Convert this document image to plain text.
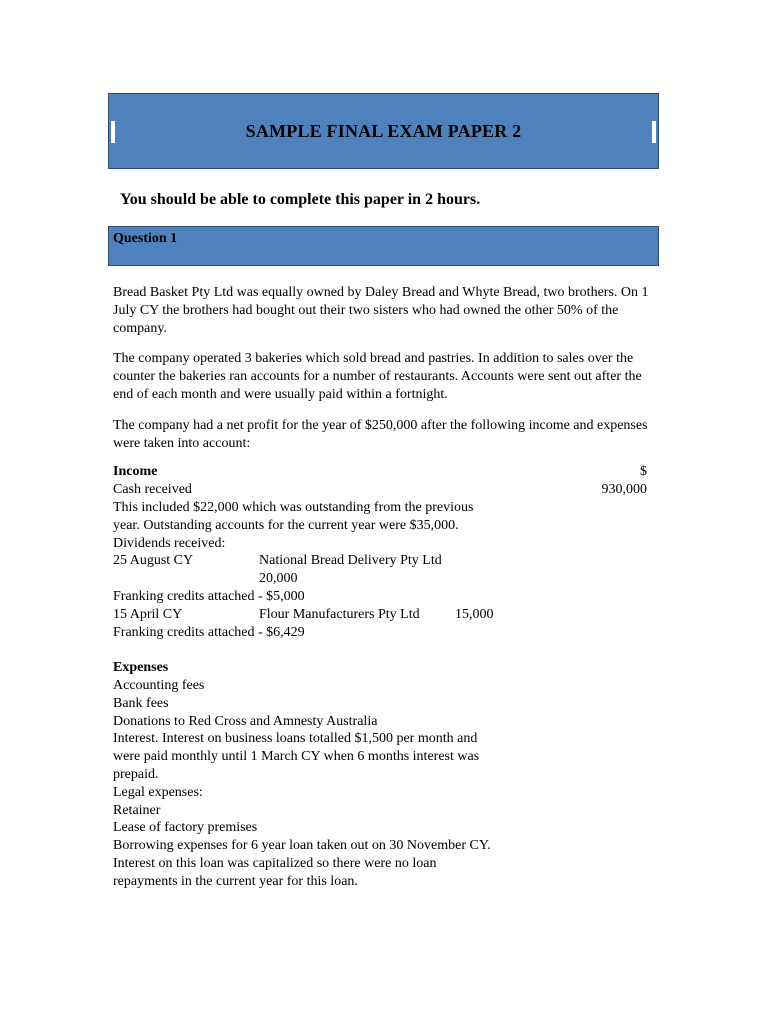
SAMPLE FINAL EXAM PAPER 2
You should be able to complete this paper in 2 hours.
Question 1

Bread Basket Pty Ltd was equally owned by Daley Bread and Whyte Bread, two brothers. On 1 July CY the brothers had bought out their two sisters who had owned the other 50% of the company.

The company operated 3 bakeries which sold bread and pastries. In addition to sales over the counter the bakeries ran accounts for a number of restaurants. Accounts were sent out after the end of each month and were usually paid within a fortnight.

The company had a net profit for the year of $250,000 after the following income and expenses were taken into account:

Income	$
Cash received	930,000
This included $22,000 which was outstanding from the previous year. Outstanding accounts for the current year were $35,000.
Dividends received:
25 August CY	National Bread Delivery Pty Ltd
20,000
Franking credits attached - $5,000
15 April CY	Flour Manufacturers Pty Ltd	15,000
Franking credits attached - $6,429
Expenses
Accounting fees
Bank fees
Donations to Red Cross and Amnesty Australia
Interest. Interest on business loans totalled $1,500 per month and were paid monthly until 1 March CY when 6 months interest was prepaid.
Legal expenses:
Retainer
Lease of factory premises
Borrowing expenses for 6 year loan taken out on 30 November CY. Interest on this loan was capitalized so there were no loan repayments in the current year for this loan.
